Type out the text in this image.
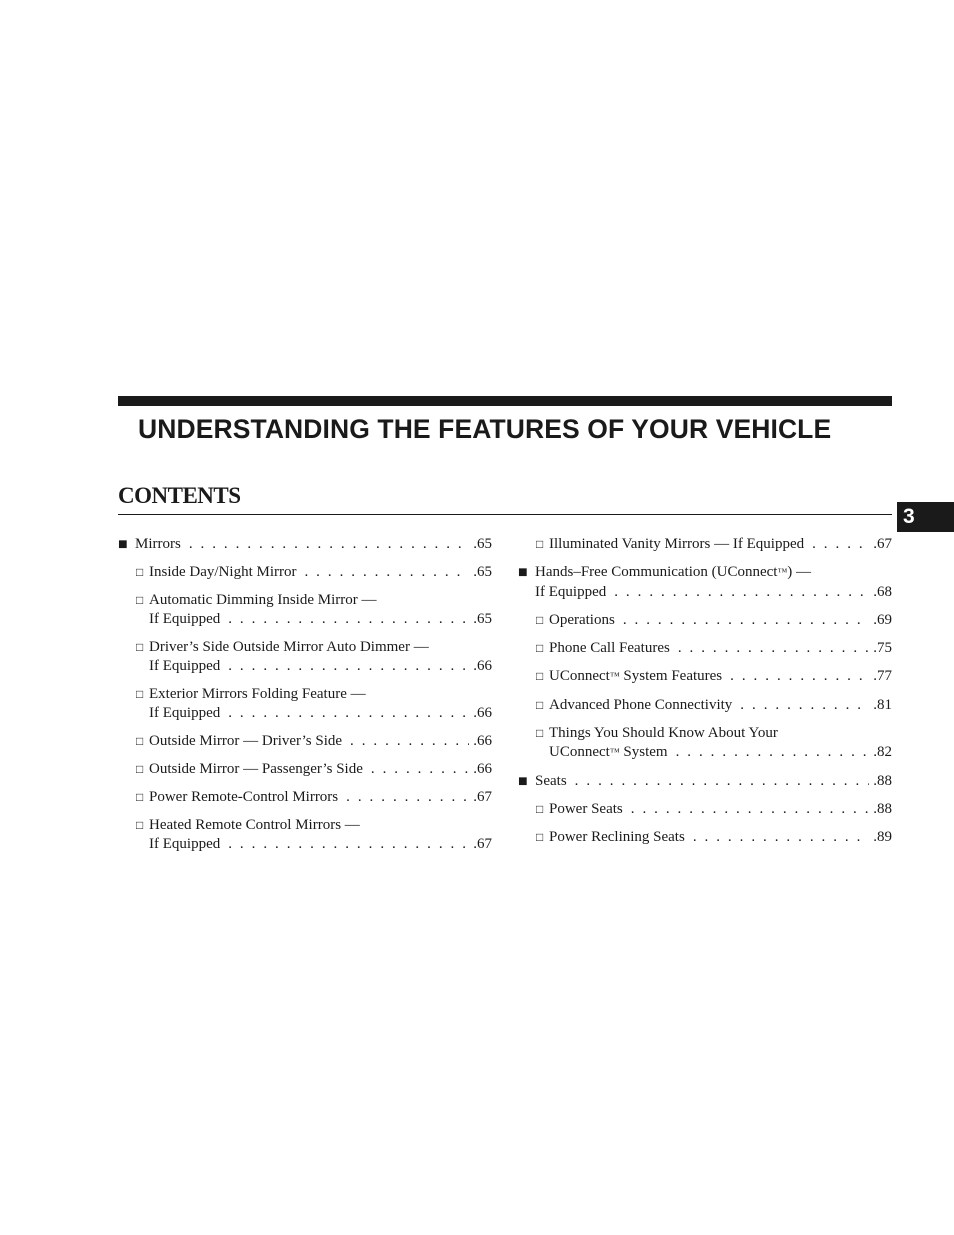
UNDERSTANDING THE FEATURES OF YOUR VEHICLE
CONTENTS
3
■ Mirrors . . .	.65
□ Inside Day/Night Mirror . . .	.65
□ Automatic Dimming Inside Mirror —
If Equipped . . .	.65
□ Driver’s Side Outside Mirror Auto Dimmer —
If Equipped . . .	.66
□ Exterior Mirrors Folding Feature —
If Equipped . . .	.66
□ Outside Mirror — Driver’s Side . . .	.66
□ Outside Mirror — Passenger’s Side . . .	.66
□ Power Remote-Control Mirrors . . .	.67
□ Heated Remote Control Mirrors —
If Equipped . . .	.67
□ Illuminated Vanity Mirrors — If Equipped . . .	.67
■ Hands–Free Communication (UConnect™) —
If Equipped . . .	.68
□ Operations . . .	.69
□ Phone Call Features . . .	.75
□ UConnect™ System Features . . .	.77
□ Advanced Phone Connectivity . . .	.81
□ Things You Should Know About Your
UConnect™ System . . .	.82
■ Seats . . .	.88
□ Power Seats . . .	.88
□ Power Reclining Seats . . .	.89
